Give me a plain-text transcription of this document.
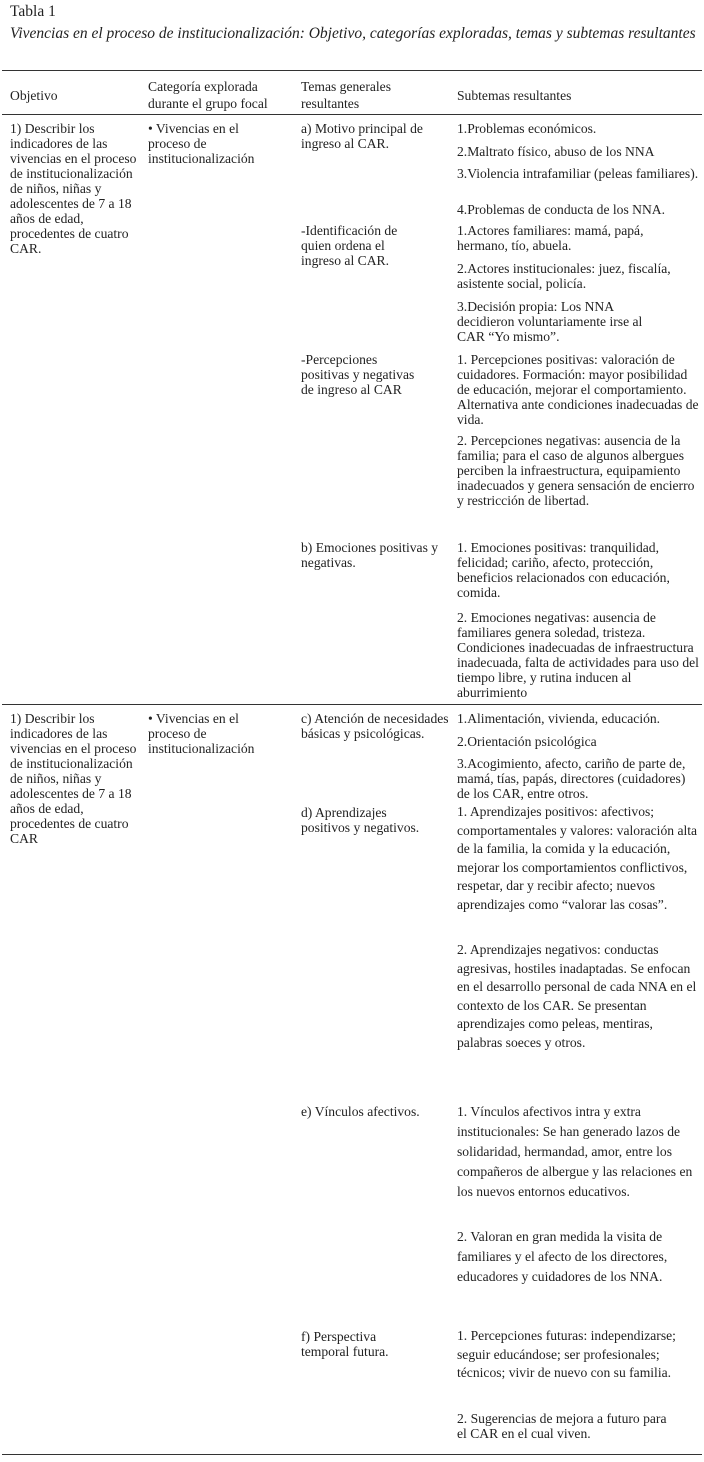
Tabla 1
Vivencias en el proceso de institucionalización: Objetivo, categorías exploradas, temas y subtemas resultantes
Objetivo
Categoría explorada durante el grupo focal
Temas generales resultantes
Subtemas resultantes
1) Describir los indicadores de las vivencias en el proceso de institucionalización de niños, niñas y adolescentes de 7 a 18 años de edad, procedentes de cuatro CAR.
• Vivencias en el proceso de institucionalización
a) Motivo principal de ingreso al CAR.
1.Problemas económicos.
2.Maltrato físico, abuso de los NNA
3.Violencia intrafamiliar (peleas familiares).
4.Problemas de conducta de los NNA.
-Identificación de quien ordena el ingreso al CAR.
1.Actores familiares: mamá, papá, hermano, tío, abuela.
2.Actores institucionales: juez, fiscalía, asistente social, policía.
3.Decisión propia: Los NNA decidieron voluntariamente irse al CAR “Yo mismo”.
-Percepciones positivas y negativas de ingreso al CAR
1. Percepciones positivas: valoración de cuidadores. Formación: mayor posibilidad de educación, mejorar el comportamiento. Alternativa ante condiciones inadecuadas de vida.
2. Percepciones negativas: ausencia de la familia; para el caso de algunos albergues perciben la infraestructura, equipamiento inadecuados y genera sensación de encierro y restricción de libertad.
b) Emociones positivas y negativas.
1. Emociones positivas: tranquilidad, felicidad; cariño, afecto, protección, beneficios relacionados con educación, comida.
2. Emociones negativas: ausencia de familiares genera soledad, tristeza. Condiciones inadecuadas de infraestructura inadecuada, falta de actividades para uso del tiempo libre, y rutina inducen al aburrimiento
1) Describir los indicadores de las vivencias en el proceso de institucionalización de niños, niñas y adolescentes de 7 a 18 años de edad, procedentes de cuatro CAR
• Vivencias en el proceso de institucionalización
c) Atención de necesidades básicas y psicológicas.
1.Alimentación, vivienda, educación.
2.Orientación psicológica
3.Acogimiento, afecto, cariño de parte de, mamá, tías, papás, directores (cuidadores) de los CAR, entre otros.
d) Aprendizajes positivos y negativos.
1. Aprendizajes positivos: afectivos; comportamentales y valores: valoración alta de la familia, la comida y la educación, mejorar los comportamientos conflictivos, respetar, dar y recibir afecto; nuevos aprendizajes como “valorar las cosas”.
2. Aprendizajes negativos: conductas agresivas, hostiles inadaptadas. Se enfocan en el desarrollo personal de cada NNA en el contexto de los CAR. Se presentan aprendizajes como peleas, mentiras, palabras soeces y otros.
e) Vínculos afectivos.	1. Vínculos afectivos intra y extra institucionales: Se han generado lazos de solidaridad, hermandad, amor, entre los compañeros de albergue y las relaciones en los nuevos entornos educativos.
2. Valoran en gran medida la visita de familiares y el afecto de los directores, educadores y cuidadores de los NNA.
f) Perspectiva temporal futura.
1. Percepciones futuras: independizarse; seguir educándose; ser profesionales; técnicos; vivir de nuevo con su familia.
2. Sugerencias de mejora a futuro para el CAR en el cual viven.
